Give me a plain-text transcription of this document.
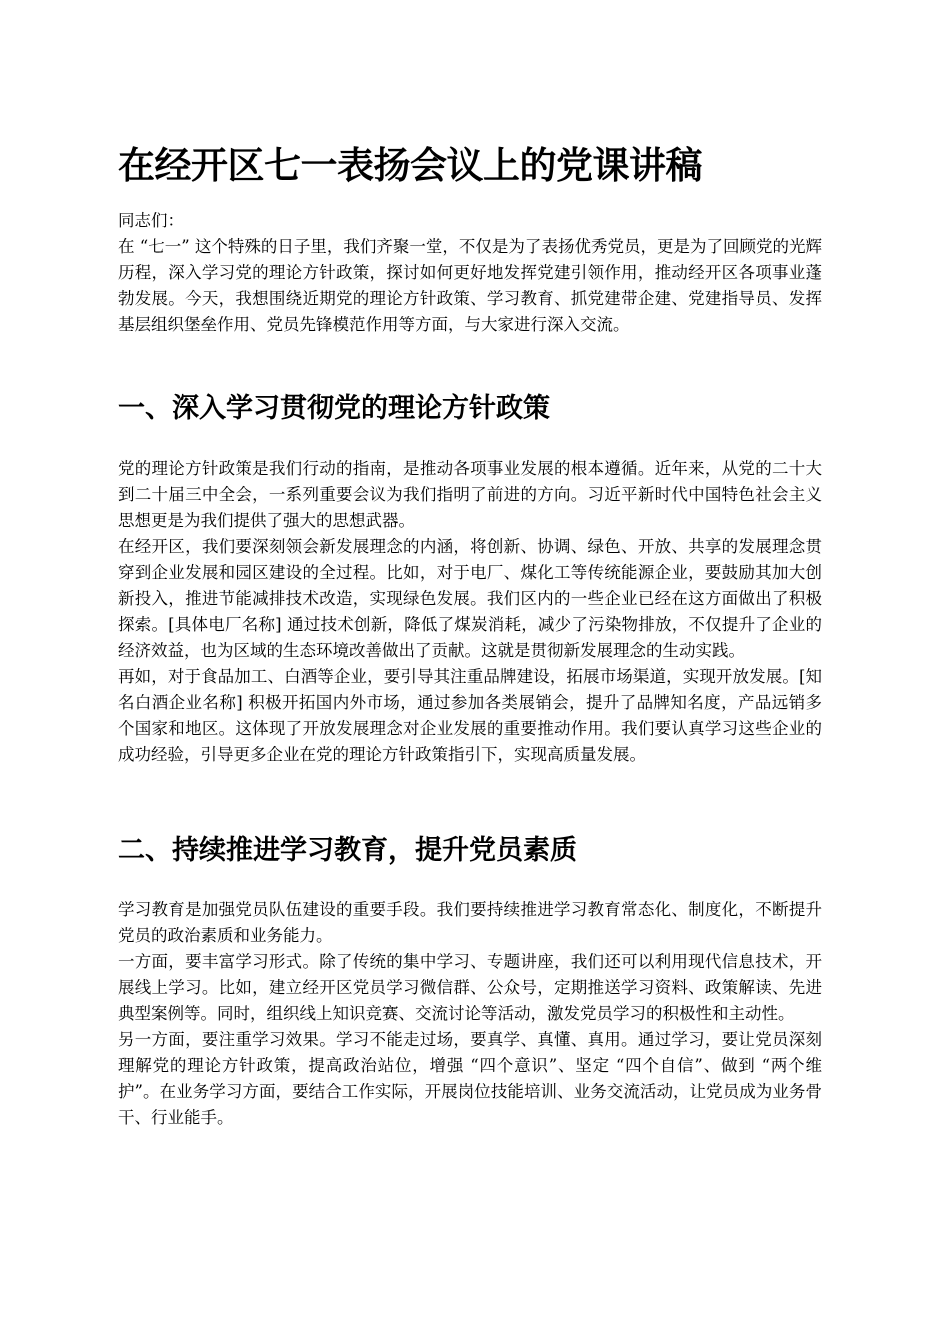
在经开区七一表扬会议上的党课讲稿

同志们：

在 “七一” 这个特殊的日子里，我们齐聚一堂，不仅是为了表扬优秀党员，更是为了回顾党的光辉历程，深入学习党的理论方针政策，探讨如何更好地发挥党建引领作用，推动经开区各项事业蓬勃发展。今天，我想围绕近期党的理论方针政策、学习教育、抓党建带企建、党建指导员、发挥基层组织堡垒作用、党员先锋模范作用等方面，与大家进行深入交流。

一、深入学习贯彻党的理论方针政策

党的理论方针政策是我们行动的指南，是推动各项事业发展的根本遵循。近年来，从党的二十大到二十届三中全会，一系列重要会议为我们指明了前进的方向。习近平新时代中国特色社会主义思想更是为我们提供了强大的思想武器。

在经开区，我们要深刻领会新发展理念的内涵，将创新、协调、绿色、开放、共享的发展理念贯穿到企业发展和园区建设的全过程。比如，对于电厂、煤化工等传统能源企业，要鼓励其加大创新投入，推进节能减排技术改造，实现绿色发展。我们区内的一些企业已经在这方面做出了积极探索。[具体电厂名称] 通过技术创新，降低了煤炭消耗，减少了污染物排放，不仅提升了企业的经济效益，也为区域的生态环境改善做出了贡献。这就是贯彻新发展理念的生动实践。

再如，对于食品加工、白酒等企业，要引导其注重品牌建设，拓展市场渠道，实现开放发展。[知名白酒企业名称] 积极开拓国内外市场，通过参加各类展销会，提升了品牌知名度，产品远销多个国家和地区。这体现了开放发展理念对企业发展的重要推动作用。我们要认真学习这些企业的成功经验，引导更多企业在党的理论方针政策指引下，实现高质量发展。

二、持续推进学习教育，提升党员素质

学习教育是加强党员队伍建设的重要手段。我们要持续推进学习教育常态化、制度化，不断提升党员的政治素质和业务能力。

一方面，要丰富学习形式。除了传统的集中学习、专题讲座，我们还可以利用现代信息技术，开展线上学习。比如，建立经开区党员学习微信群、公众号，定期推送学习资料、政策解读、先进典型案例等。同时，组织线上知识竞赛、交流讨论等活动，激发党员学习的积极性和主动性。

另一方面，要注重学习效果。学习不能走过场，要真学、真懂、真用。通过学习，要让党员深刻理解党的理论方针政策，提高政治站位，增强 “四个意识”、坚定 “四个自信”、做到 “两个维护”。在业务学习方面，要结合工作实际，开展岗位技能培训、业务交流活动，让党员成为业务骨干、行业能手。
